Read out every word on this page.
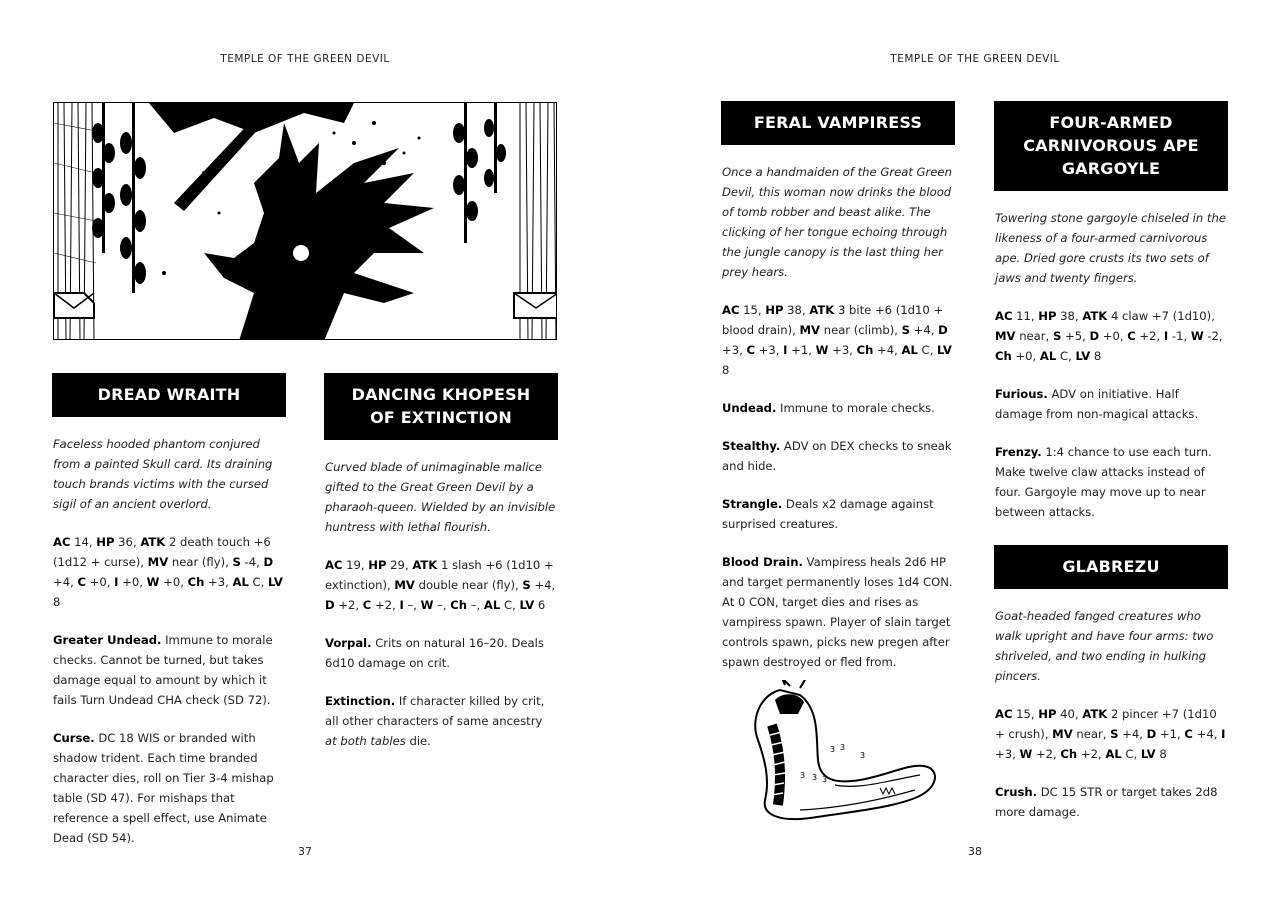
TEMPLE OF THE GREEN DEVIL
DREAD WRAITH
Faceless hooded phantom conjured from a painted Skull card. Its draining touch brands victims with the cursed sigil of an ancient overlord.
AC 14, HP 36, ATK 2 death touch +6 (1d12 + curse), MV near (fly), S -4, D +4, C +0, I +0, W +0, Ch +3, AL C, LV 8
Greater Undead. Immune to morale checks. Cannot be turned, but takes damage equal to amount by which it fails Turn Undead CHA check (SD 72).
Curse. DC 18 WIS or branded with shadow trident. Each time branded character dies, roll on Tier 3-4 mishap table (SD 47). For mishaps that reference a spell effect, use Animate Dead (SD 54).
DANCING KHOPESH
OF EXTINCTION
Curved blade of unimaginable malice gifted to the Great Green Devil by a pharaoh-queen. Wielded by an invisible huntress with lethal flourish.
AC 19, HP 29, ATK 1 slash +6 (1d10 + extinction), MV double near (fly), S +4, D +2, C +2, I –, W –, Ch –, AL C, LV 6
Vorpal. Crits on natural 16–20. Deals 6d10 damage on crit.
Extinction. If character killed by crit, all other characters of same ancestry at both tables die.
37
TEMPLE OF THE GREEN DEVIL
FERAL VAMPIRESS
Once a handmaiden of the Great Green Devil, this woman now drinks the blood of tomb robber and beast alike. The clicking of her tongue echoing through the jungle canopy is the last thing her prey hears.
AC 15, HP 38, ATK 3 bite +6 (1d10 + blood drain), MV near (climb), S +4, D +3, C +3, I +1, W +3, Ch +4, AL C, LV 8
Undead. Immune to morale checks.
Stealthy. ADV on DEX checks to sneak and hide.
Strangle. Deals x2 damage against surprised creatures.
Blood Drain. Vampiress heals 2d6 HP and target permanently loses 1d4 CON. At 0 CON, target dies and rises as vampiress spawn. Player of slain target controls spawn, picks new pregen after spawn destroyed or fled from.
3 3
3 3 3
3
FOUR-ARMED
CARNIVOROUS APE
GARGOYLE
Towering stone gargoyle chiseled in the likeness of a four-armed carnivorous ape. Dried gore crusts its two sets of jaws and twenty fingers.
AC 11, HP 38, ATK 4 claw +7 (1d10), MV near, S +5, D +0, C +2, I -1, W -2, Ch +0, AL C, LV 8
Furious. ADV on initiative. Half damage from non-magical attacks.
Frenzy. 1:4 chance to use each turn. Make twelve claw attacks instead of four. Gargoyle may move up to near between attacks.
GLABREZU
Goat-headed fanged creatures who walk upright and have four arms: two shriveled, and two ending in hulking pincers.
AC 15, HP 40, ATK 2 pincer +7 (1d10 + crush), MV near, S +4, D +1, C +4, I +3, W +2, Ch +2, AL C, LV 8
Crush. DC 15 STR or target takes 2d8 more damage.
38
